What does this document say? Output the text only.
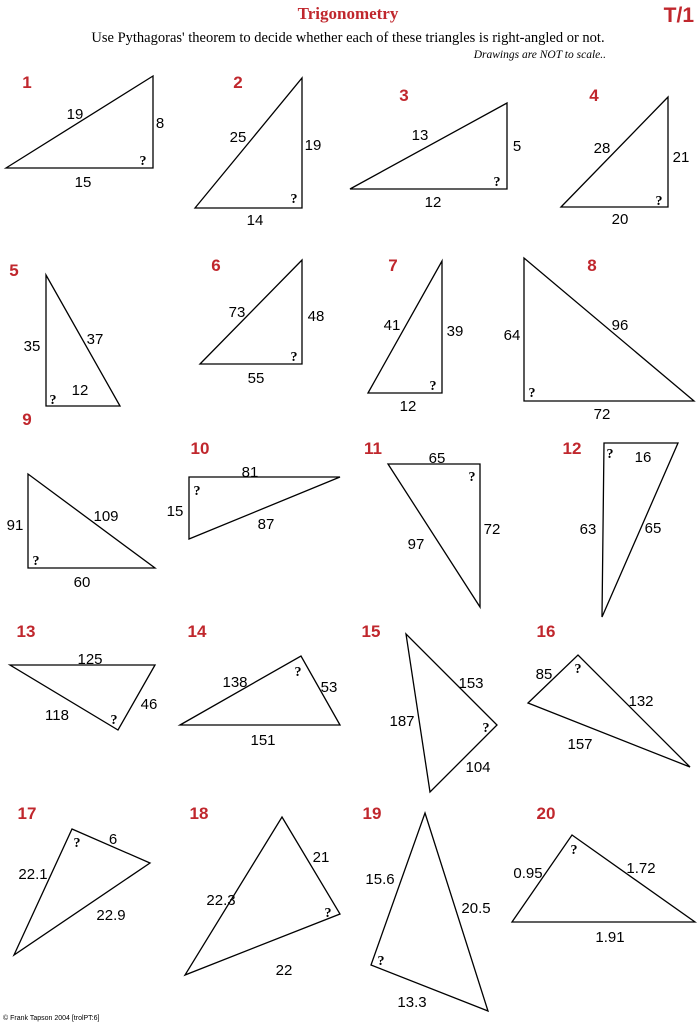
Trigonometry	T/1
Use Pythagoras' theorem to decide whether each of these triangles is right-angled or not.
Drawings are NOT to scale..
1
19
8
15
?
2
25	19
14
?
3
13
5
12
?
4
28
21
20
?
5
35	37
12
?
6
73	48
55
?
7
41	39
12
?
8
64
96
72
?
9
91
109
60
?
10
81
15
87
?
11
65
97
72
?
12	16
63	65
?
13
125
118
46
?
14
138	53
151
?
15
153
187
104
?
16
85
132
157
?
17
6
22.1
22.9
?
18
21
22.3
22
?
19
15.6
20.5
13.3
?
20
0.95	1.72
1.91
?
© Frank Tapson 2004 [trolPT:6]
